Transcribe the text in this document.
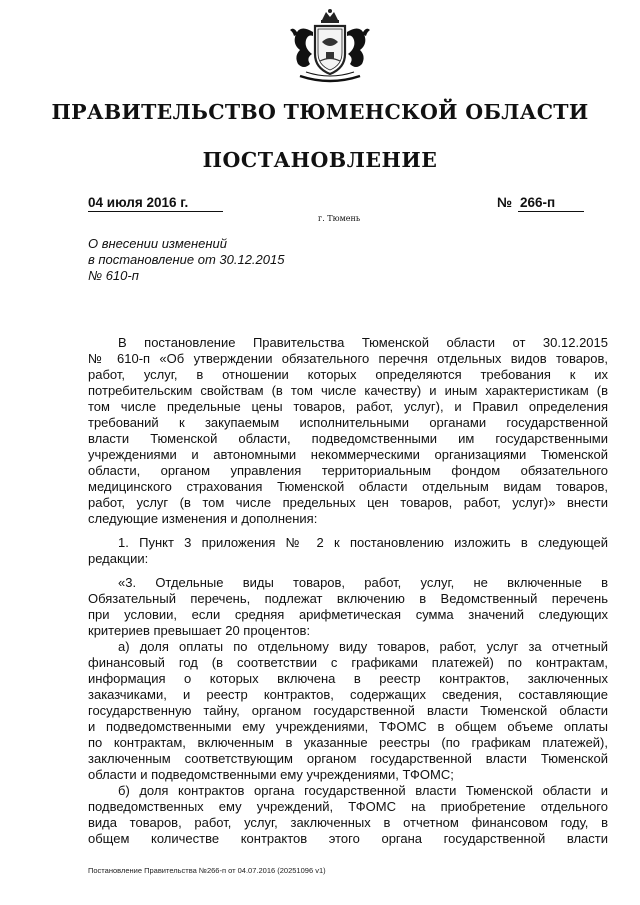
ПРАВИТЕЛЬСТВО ТЮМЕНСКОЙ ОБЛАСТИ
ПОСТАНОВЛЕНИЕ
04 июля 2016 г.	№ 266-п
г. Тюмень
О внесении изменений
в постановление от 30.12.2015
№ 610-п
В постановление Правительства Тюменской области от 30.12.2015
№ 610-п «Об утверждении обязательного перечня отдельных видов товаров,
работ, услуг, в отношении которых определяются требования к их
потребительским свойствам (в том числе качеству) и иным характеристикам (в
том числе предельные цены товаров, работ, услуг), и Правил определения
требований к закупаемым исполнительными органами государственной
власти Тюменской области, подведомственными им государственными
учреждениями и автономными некоммерческими организациями Тюменской
области, органом управления территориальным фондом обязательного
медицинского страхования Тюменской области отдельным видам товаров,
работ, услуг (в том числе предельных цен товаров, работ, услуг)» внести
следующие изменения и дополнения:
1. Пункт 3 приложения № 2 к постановлению изложить в следующей
редакции:
«3. Отдельные виды товаров, работ, услуг, не включенные в
Обязательный перечень, подлежат включению в Ведомственный перечень
при условии, если средняя арифметическая сумма значений следующих
критериев превышает 20 процентов:
а) доля оплаты по отдельному виду товаров, работ, услуг за отчетный
финансовый год (в соответствии с графиками платежей) по контрактам,
информация о которых включена в реестр контрактов, заключенных
заказчиками, и реестр контрактов, содержащих сведения, составляющие
государственную тайну, органом государственной власти Тюменской области
и подведомственными ему учреждениями, ТФОМС в общем объеме оплаты
по контрактам, включенным в указанные реестры (по графикам платежей),
заключенным соответствующим органом государственной власти Тюменской
области и подведомственными ему учреждениями, ТФОМС;
б) доля контрактов органа государственной власти Тюменской области и
подведомственных ему учреждений, ТФОМС на приобретение отдельного
вида товаров, работ, услуг, заключенных в отчетном финансовом году, в
общем количестве контрактов этого органа государственной власти
Постановление Правительства №266-п от 04.07.2016 (20251096 v1)
